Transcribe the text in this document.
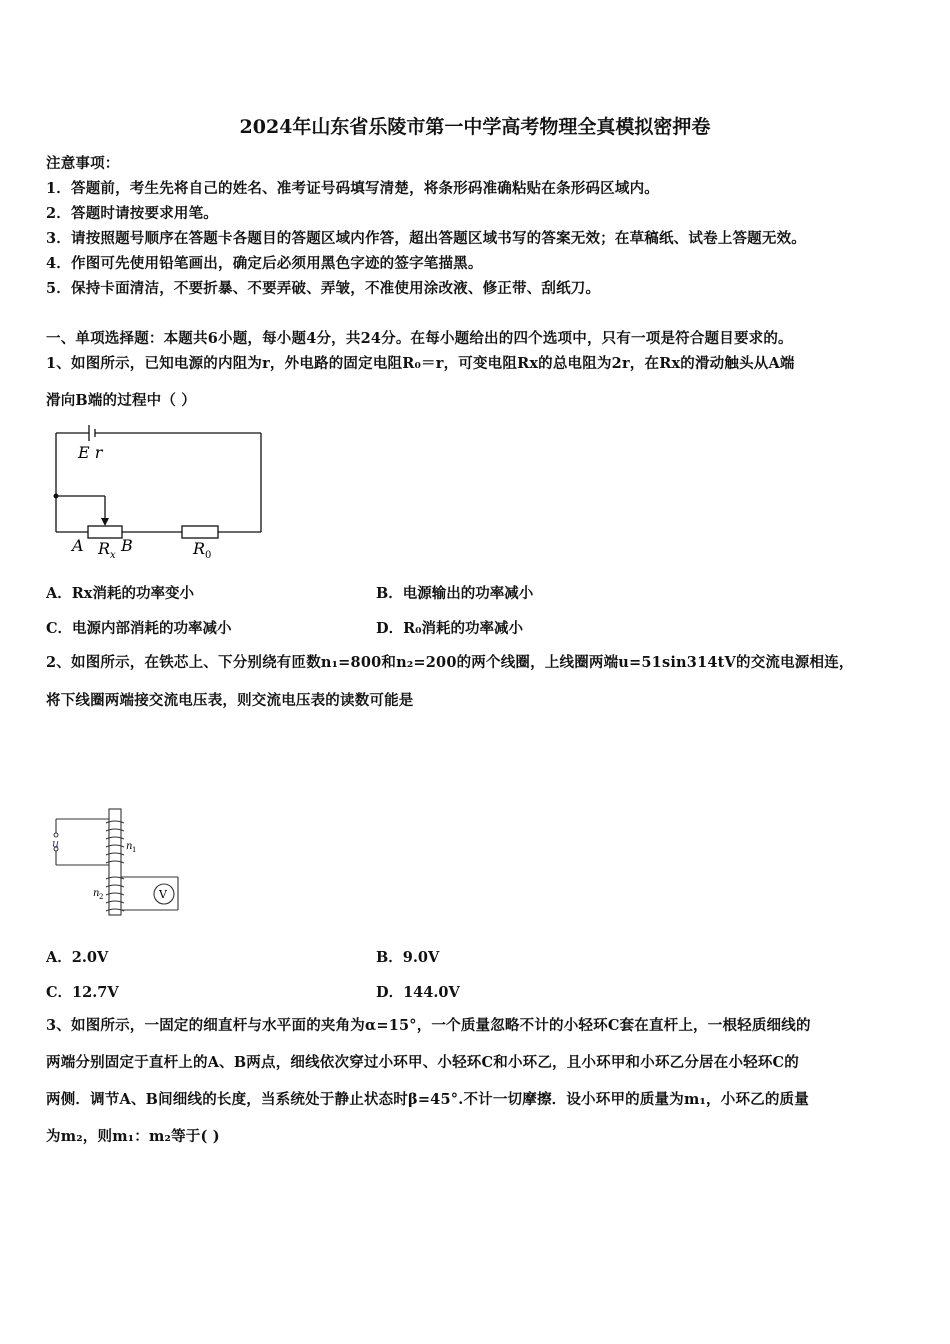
2024年山东省乐陵市第一中学高考物理全真模拟密押卷
注意事项：
1．答题前，考生先将自己的姓名、准考证号码填写清楚，将条形码准确粘贴在条形码区域内。
2．答题时请按要求用笔。
3．请按照题号顺序在答题卡各题目的答题区域内作答，超出答题区域书写的答案无效；在草稿纸、试卷上答题无效。
4．作图可先使用铅笔画出，确定后必须用黑色字迹的签字笔描黑。
5．保持卡面清洁，不要折暴、不要弄破、弄皱，不准使用涂改液、修正带、刮纸刀。
一、单项选择题：本题共6小题，每小题4分，共24分。在每小题给出的四个选项中，只有一项是符合题目要求的。
1、如图所示，已知电源的内阻为r，外电路的固定电阻R₀＝r，可变电阻Rx的总电阻为2r，在Rx的滑动触头从A端
滑向B端的过程中（ ）
E r
A R x
B	R 0
A．Rx消耗的功率变小	B．电源输出的功率减小
C．电源内部消耗的功率减小	D．R₀消耗的功率减小
2、如图所示，在铁芯上、下分别绕有匝数n₁=800和n₂=200的两个线圈，上线圈两端u=51sin314tV的交流电源相连，
将下线圈两端接交流电压表，则交流电压表的读数可能是
u	n 1
n 2	V
A．2.0V	B．9.0V
C．12.7V	D．144.0V
3、如图所示，一固定的细直杆与水平面的夹角为α=15°，一个质量忽略不计的小轻环C套在直杆上，一根轻质细线的
两端分别固定于直杆上的A、B两点，细线依次穿过小环甲、小轻环C和小环乙，且小环甲和小环乙分居在小轻环C的
两侧．调节A、B间细线的长度，当系统处于静止状态时β=45°.不计一切摩擦．设小环甲的质量为m₁，小环乙的质量
为m₂，则m₁：m₂等于( )
